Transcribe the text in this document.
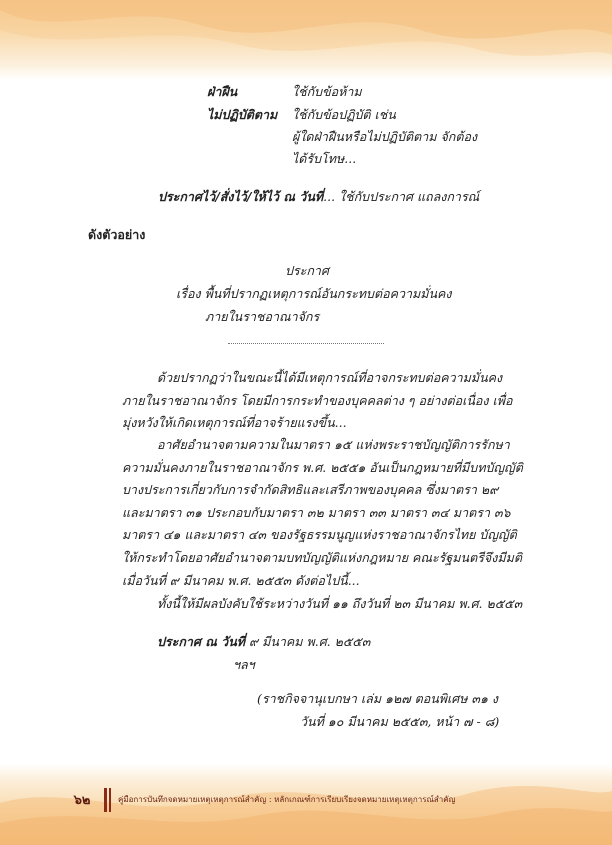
ฝ่าฝืน	ใช้กับข้อห้าม
ไม่ปฏิบัติตาม ใช้กับข้อปฏิบัติ เช่น
ผู้ใดฝ่าฝืนหรือไม่ปฏิบัติตาม จักต้อง
ได้รับโทษ...
ประกาศไว้/สั่งไว้/ให้ไว้ ณ วันที่... ใช้กับประกาศ แถลงการณ์
ดังตัวอย่าง
ประกาศ
เรื่อง พื้นที่ปรากฏเหตุการณ์อันกระทบต่อความมั่นคง
ภายในราชอาณาจักร
ด้วยปรากฏว่าในขณะนี้ได้มีเหตุการณ์ที่อาจกระทบต่อความมั่นคง
ภายในราชอาณาจักร โดยมีการกระทำของบุคคลต่าง ๆ อย่างต่อเนื่อง เพื่อ
มุ่งหวังให้เกิดเหตุการณ์ที่อาจร้ายแรงขึ้น...
อาศัยอำนาจตามความในมาตรา ๑๕ แห่งพระราชบัญญัติการรักษา
ความมั่นคงภายในราชอาณาจักร พ.ศ. ๒๕๕๑ อันเป็นกฎหมายที่มีบทบัญญัติ
บางประการเกี่ยวกับการจำกัดสิทธิและเสรีภาพของบุคคล ซึ่งมาตรา ๒๙
และมาตรา ๓๑ ประกอบกับมาตรา ๓๒ มาตรา ๓๓ มาตรา ๓๔ มาตรา ๓๖
มาตรา ๔๑ และมาตรา ๔๓ ของรัฐธรรมนูญแห่งราชอาณาจักรไทย บัญญัติ
ให้กระทำโดยอาศัยอำนาจตามบทบัญญัติแห่งกฎหมาย คณะรัฐมนตรีจึงมีมติ
เมื่อวันที่ ๙ มีนาคม พ.ศ. ๒๕๕๓ ดังต่อไปนี้...
ทั้งนี้ให้มีผลบังคับใช้ระหว่างวันที่ ๑๑ ถึงวันที่ ๒๓ มีนาคม พ.ศ. ๒๕๕๓
ประกาศ ณ วันที่ ๙ มีนาคม พ.ศ. ๒๕๕๓
ฯลฯ
(ราชกิจจานุเบกษา เล่ม ๑๒๗ ตอนพิเศษ ๓๑ ง
วันที่ ๑๐ มีนาคม ๒๕๕๓, หน้า ๗ - ๘)
๖๒	คู่มือการบันทึกจดหมายเหตุเหตุการณ์สำคัญ : หลักเกณฑ์การเรียบเรียงจดหมายเหตุเหตุการณ์สำคัญ
